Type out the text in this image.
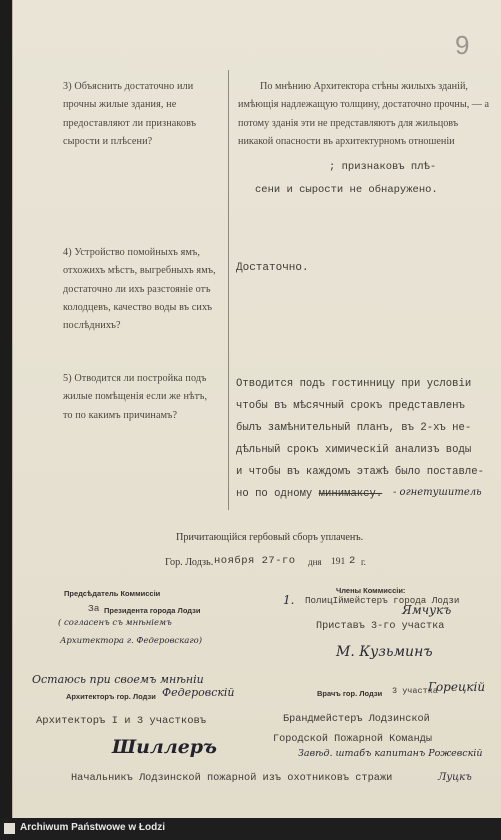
9
3) Объяснить достаточно или прочны жилые здания, не предоставляют ли признаковъ сырости и плѣсени?
По мнѣнию Архитектора стѣны жилыхъ зданій, имѣющія надлежащую толщину, достаточно прочны, — а потому зданія эти не представляютъ для жильцовъ никакой опасности въ архитектурномъ отношеніи
; признаковъ плѣ-
сени и сырости не обнаружено.
4) Устройство помойныхъ ямъ, отхожихъ мѣстъ, выгребныхъ ямъ, достаточно ли ихъ разстояніе отъ колодцевъ, качество воды въ сихъ послѣднихъ?
Достаточно.
5) Отводится ли постройка подъ жилые помѣщенія если же нѣтъ, то по какимъ причинамъ?
Отводится подъ гостинницу при условіи
чтобы въ мѣсячный срокъ представленъ
былъ замѣнительный планъ, въ 2-хъ не-
дѣльный срокъ химическій анализъ воды
и чтобы въ каждомъ этажѣ было поставле-
но по одному минимаксу. - огнетушитель
Причитающійся гербовый сборъ уплаченъ.
Гор. Лодзь. ноября 27-го дня 191 2 г.
Предсѣдатель Коммиссіи
За Президента города Лодзи
( согласенъ съ мнѣніемъ
Архитектора г. Федеровскаго)
Остаюсь при своемъ мнѣніи
Архитекторъ гор. Лодзи Федеровскій
Архитекторъ I и 3 участковъ
Шиллеръ
Начальникъ Лодзинской пожарной изъ охотниковъ стражи	Луцкъ
Члены Коммиссіи:
1. ПолицІймейстеръ города Лодзи
Ямчукъ
Приставъ 3-го участка
М. Кузьминъ
Врачъ гор. Лодзи 3 участка
Горецкій
Брандмейстеръ Лодзинской
Городской Пожарной Команды
Завѣд. штабъ капитанъ Рожевскій
Archiwum Państwowe w Łodzi
